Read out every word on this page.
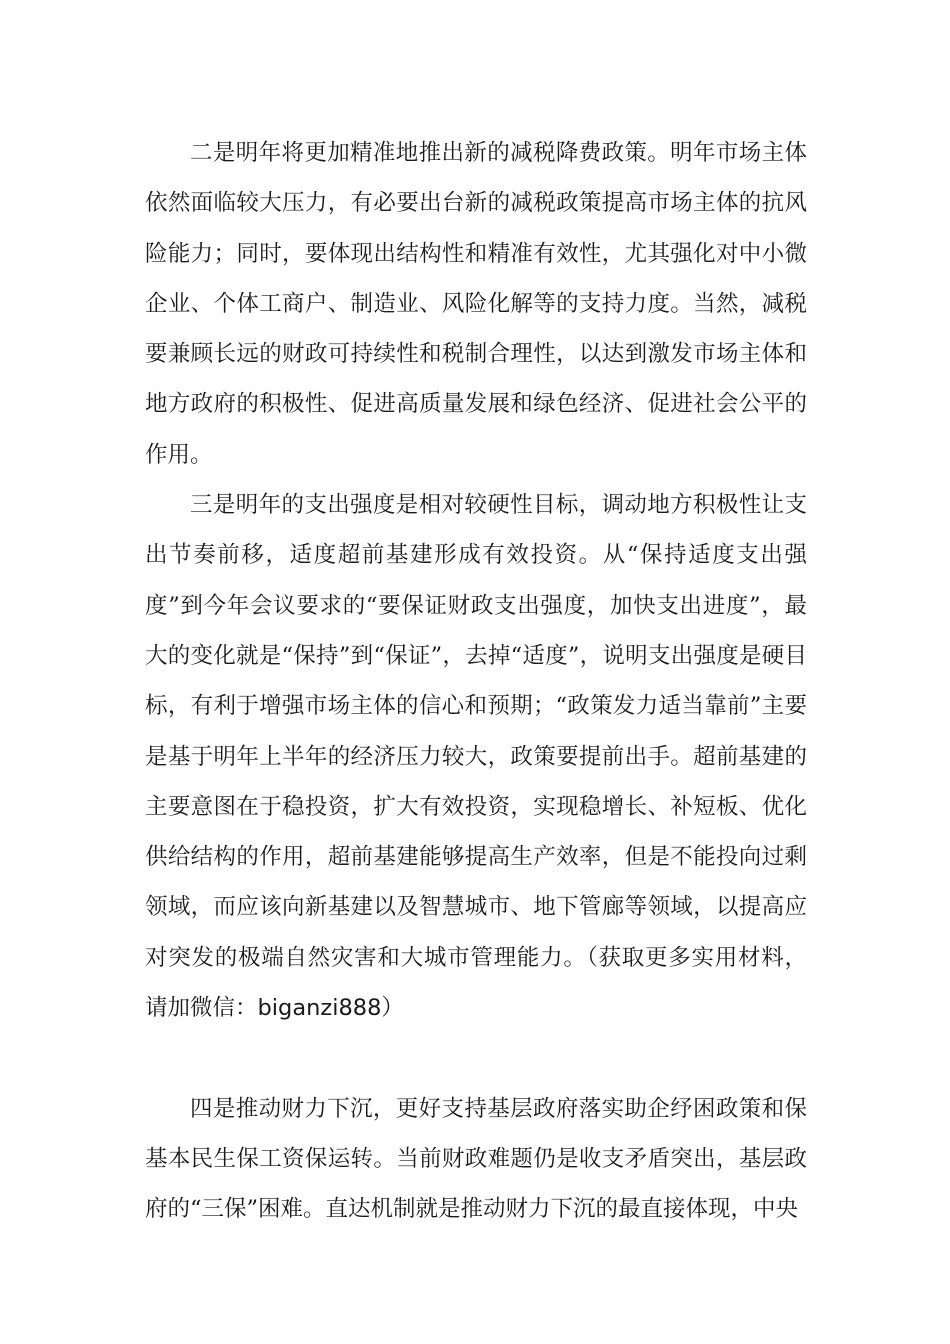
二是明年将更加精准地推出新的减税降费政策。明年市场主体依然面临较大压力，有必要出台新的减税政策提高市场主体的抗风险能力；同时，要体现出结构性和精准有效性，尤其强化对中小微企业、个体工商户、制造业、风险化解等的支持力度。当然，减税要兼顾长远的财政可持续性和税制合理性，以达到激发市场主体和地方政府的积极性、促进高质量发展和绿色经济、促进社会公平的作用。

三是明年的支出强度是相对较硬性目标，调动地方积极性让支出节奏前移，适度超前基建形成有效投资。从“保持适度支出强度”到今年会议要求的“要保证财政支出强度，加快支出进度”，最大的变化就是“保持”到“保证”，去掉“适度”，说明支出强度是硬目标，有利于增强市场主体的信心和预期；“政策发力适当靠前”主要是基于明年上半年的经济压力较大，政策要提前出手。超前基建的主要意图在于稳投资，扩大有效投资，实现稳增长、补短板、优化供给结构的作用，超前基建能够提高生产效率，但是不能投向过剩领域，而应该向新基建以及智慧城市、地下管廊等领域，以提高应对突发的极端自然灾害和大城市管理能力。（获取更多实用材料，请加微信：biganzi888）

四是推动财力下沉，更好支持基层政府落实助企纾困政策和保基本民生保工资保运转。当前财政难题仍是收支矛盾突出，基层政府的“三保”困难。直达机制就是推动财力下沉的最直接体现，中央
